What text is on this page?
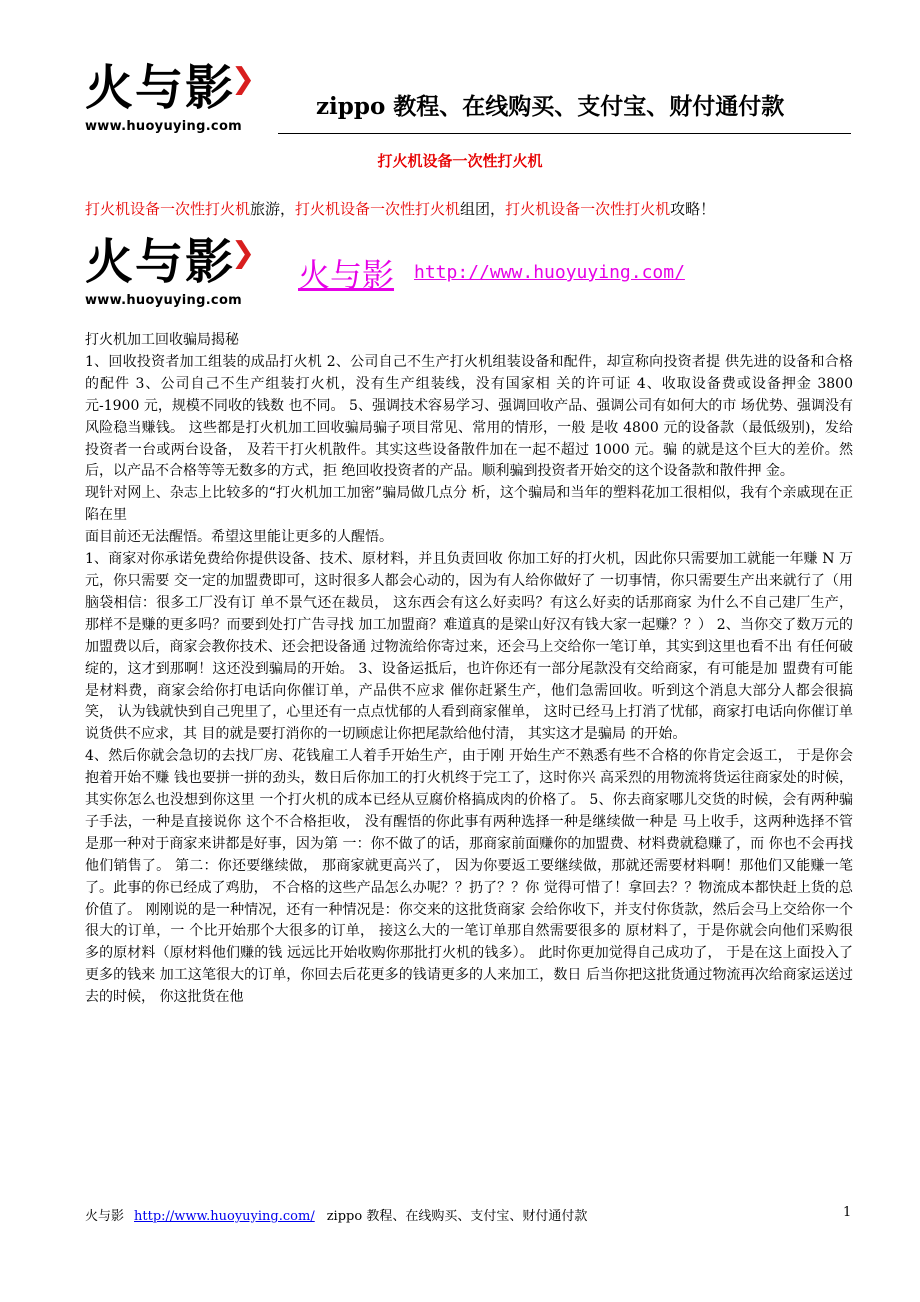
火与影❯
www.huoyuying.com
zippo 教程、在线购买、支付宝、财付通付款
打火机设备一次性打火机
打火机设备一次性打火机旅游，打火机设备一次性打火机组团，打火机设备一次性打火机攻略！
火与影❯
www.huoyuying.com
火与影 http://www.huoyuying.com/

打火机加工回收骗局揭秘

1、回收投资者加工组装的成品打火机 2、公司自己不生产打火机组装设备和配件，却宣称向投资者提 供先进的设备和合格的配件 3、公司自己不生产组装打火机，没有生产组装线，没有国家相 关的许可证 4、收取设备费或设备押金 3800 元-1900 元，规模不同收的钱数 也不同。 5、强调技术容易学习、强调回收产品、强调公司有如何大的市 场优势、强调没有风险稳当赚钱。 这些都是打火机加工回收骗局骗子项目常见、常用的情形，一般 是收 4800 元的设备款（最低级别)，发给投资者一台或两台设备， 及若干打火机散件。其实这些设备散件加在一起不超过 1000 元。骗 的就是这个巨大的差价。然后，以产品不合格等等无数多的方式，拒 绝回收投资者的产品。顺利骗到投资者开始交的这个设备款和散件押 金。

现针对网上、杂志上比较多的“打火机加工加密”骗局做几点分 析，这个骗局和当年的塑料花加工很相似，我有个亲戚现在正陷在里

面目前还无法醒悟。希望这里能让更多的人醒悟。

1、商家对你承诺免费给你提供设备、技术、原材料，并且负责回收 你加工好的打火机，因此你只需要加工就能一年赚 N 万元，你只需要 交一定的加盟费即可，这时很多人都会心动的，因为有人给你做好了 一切事情，你只需要生产出来就行了（用脑袋相信：很多工厂没有订 单不景气还在裁员， 这东西会有这么好卖吗？有这么好卖的话那商家 为什么不自己建厂生产， 那样不是赚的更多吗？而要到处打广告寻找 加工加盟商？难道真的是梁山好汉有钱大家一起赚？？） 2、当你交了数万元的加盟费以后，商家会教你技术、还会把设备通 过物流给你寄过来，还会马上交给你一笔订单，其实到这里也看不出 有任何破绽的，这才到那啊！这还没到骗局的开始。 3、设备运抵后，也许你还有一部分尾款没有交给商家，有可能是加 盟费有可能是材料费，商家会给你打电话向你催订单，产品供不应求 催你赶紧生产，他们急需回收。听到这个消息大部分人都会很搞笑， 认为钱就快到自己兜里了，心里还有一点点忧郁的人看到商家催单， 这时已经马上打消了忧郁，商家打电话向你催订单说货供不应求，其 目的就是要打消你的一切顾虑让你把尾款给他付清， 其实这才是骗局 的开始。

4、然后你就会急切的去找厂房、花钱雇工人着手开始生产，由于刚 开始生产不熟悉有些不合格的你肯定会返工， 于是你会抱着开始不赚 钱也要拼一拼的劲头，数日后你加工的打火机终于完工了，这时你兴 高采烈的用物流将货运往商家处的时候， 其实你怎么也没想到你这里 一个打火机的成本已经从豆腐价格搞成肉的价格了。 5、你去商家哪儿交货的时候，会有两种骗子手法，一种是直接说你 这个不合格拒收， 没有醒悟的你此事有两种选择一种是继续做一种是 马上收手，这两种选择不管是那一种对于商家来讲都是好事，因为第 一：你不做了的话，那商家前面赚你的加盟费、材料费就稳赚了，而 你也不会再找他们销售了。 第二：你还要继续做， 那商家就更高兴了， 因为你要返工要继续做，那就还需要材料啊！那他们又能赚一笔了。此事的你已经成了鸡肋， 不合格的这些产品怎么办呢？？扔了？？你 觉得可惜了！拿回去？？物流成本都快赶上货的总价值了。 刚刚说的是一种情况，还有一种情况是：你交来的这批货商家 会给你收下，并支付你货款，然后会马上交给你一个很大的订单，一 个比开始那个大很多的订单， 接这么大的一笔订单那自然需要很多的 原材料了，于是你就会向他们采购很多的原材料（原材料他们赚的钱 远远比开始收购你那批打火机的钱多）。 此时你更加觉得自己成功了， 于是在这上面投入了更多的钱来 加工这笔很大的订单，你回去后花更多的钱请更多的人来加工，数日 后当你把这批货通过物流再次给商家运送过去的时候， 你这批货在他

火与影 http://www.huoyuying.com/ zippo 教程、在线购买、支付宝、财付通付款	1
